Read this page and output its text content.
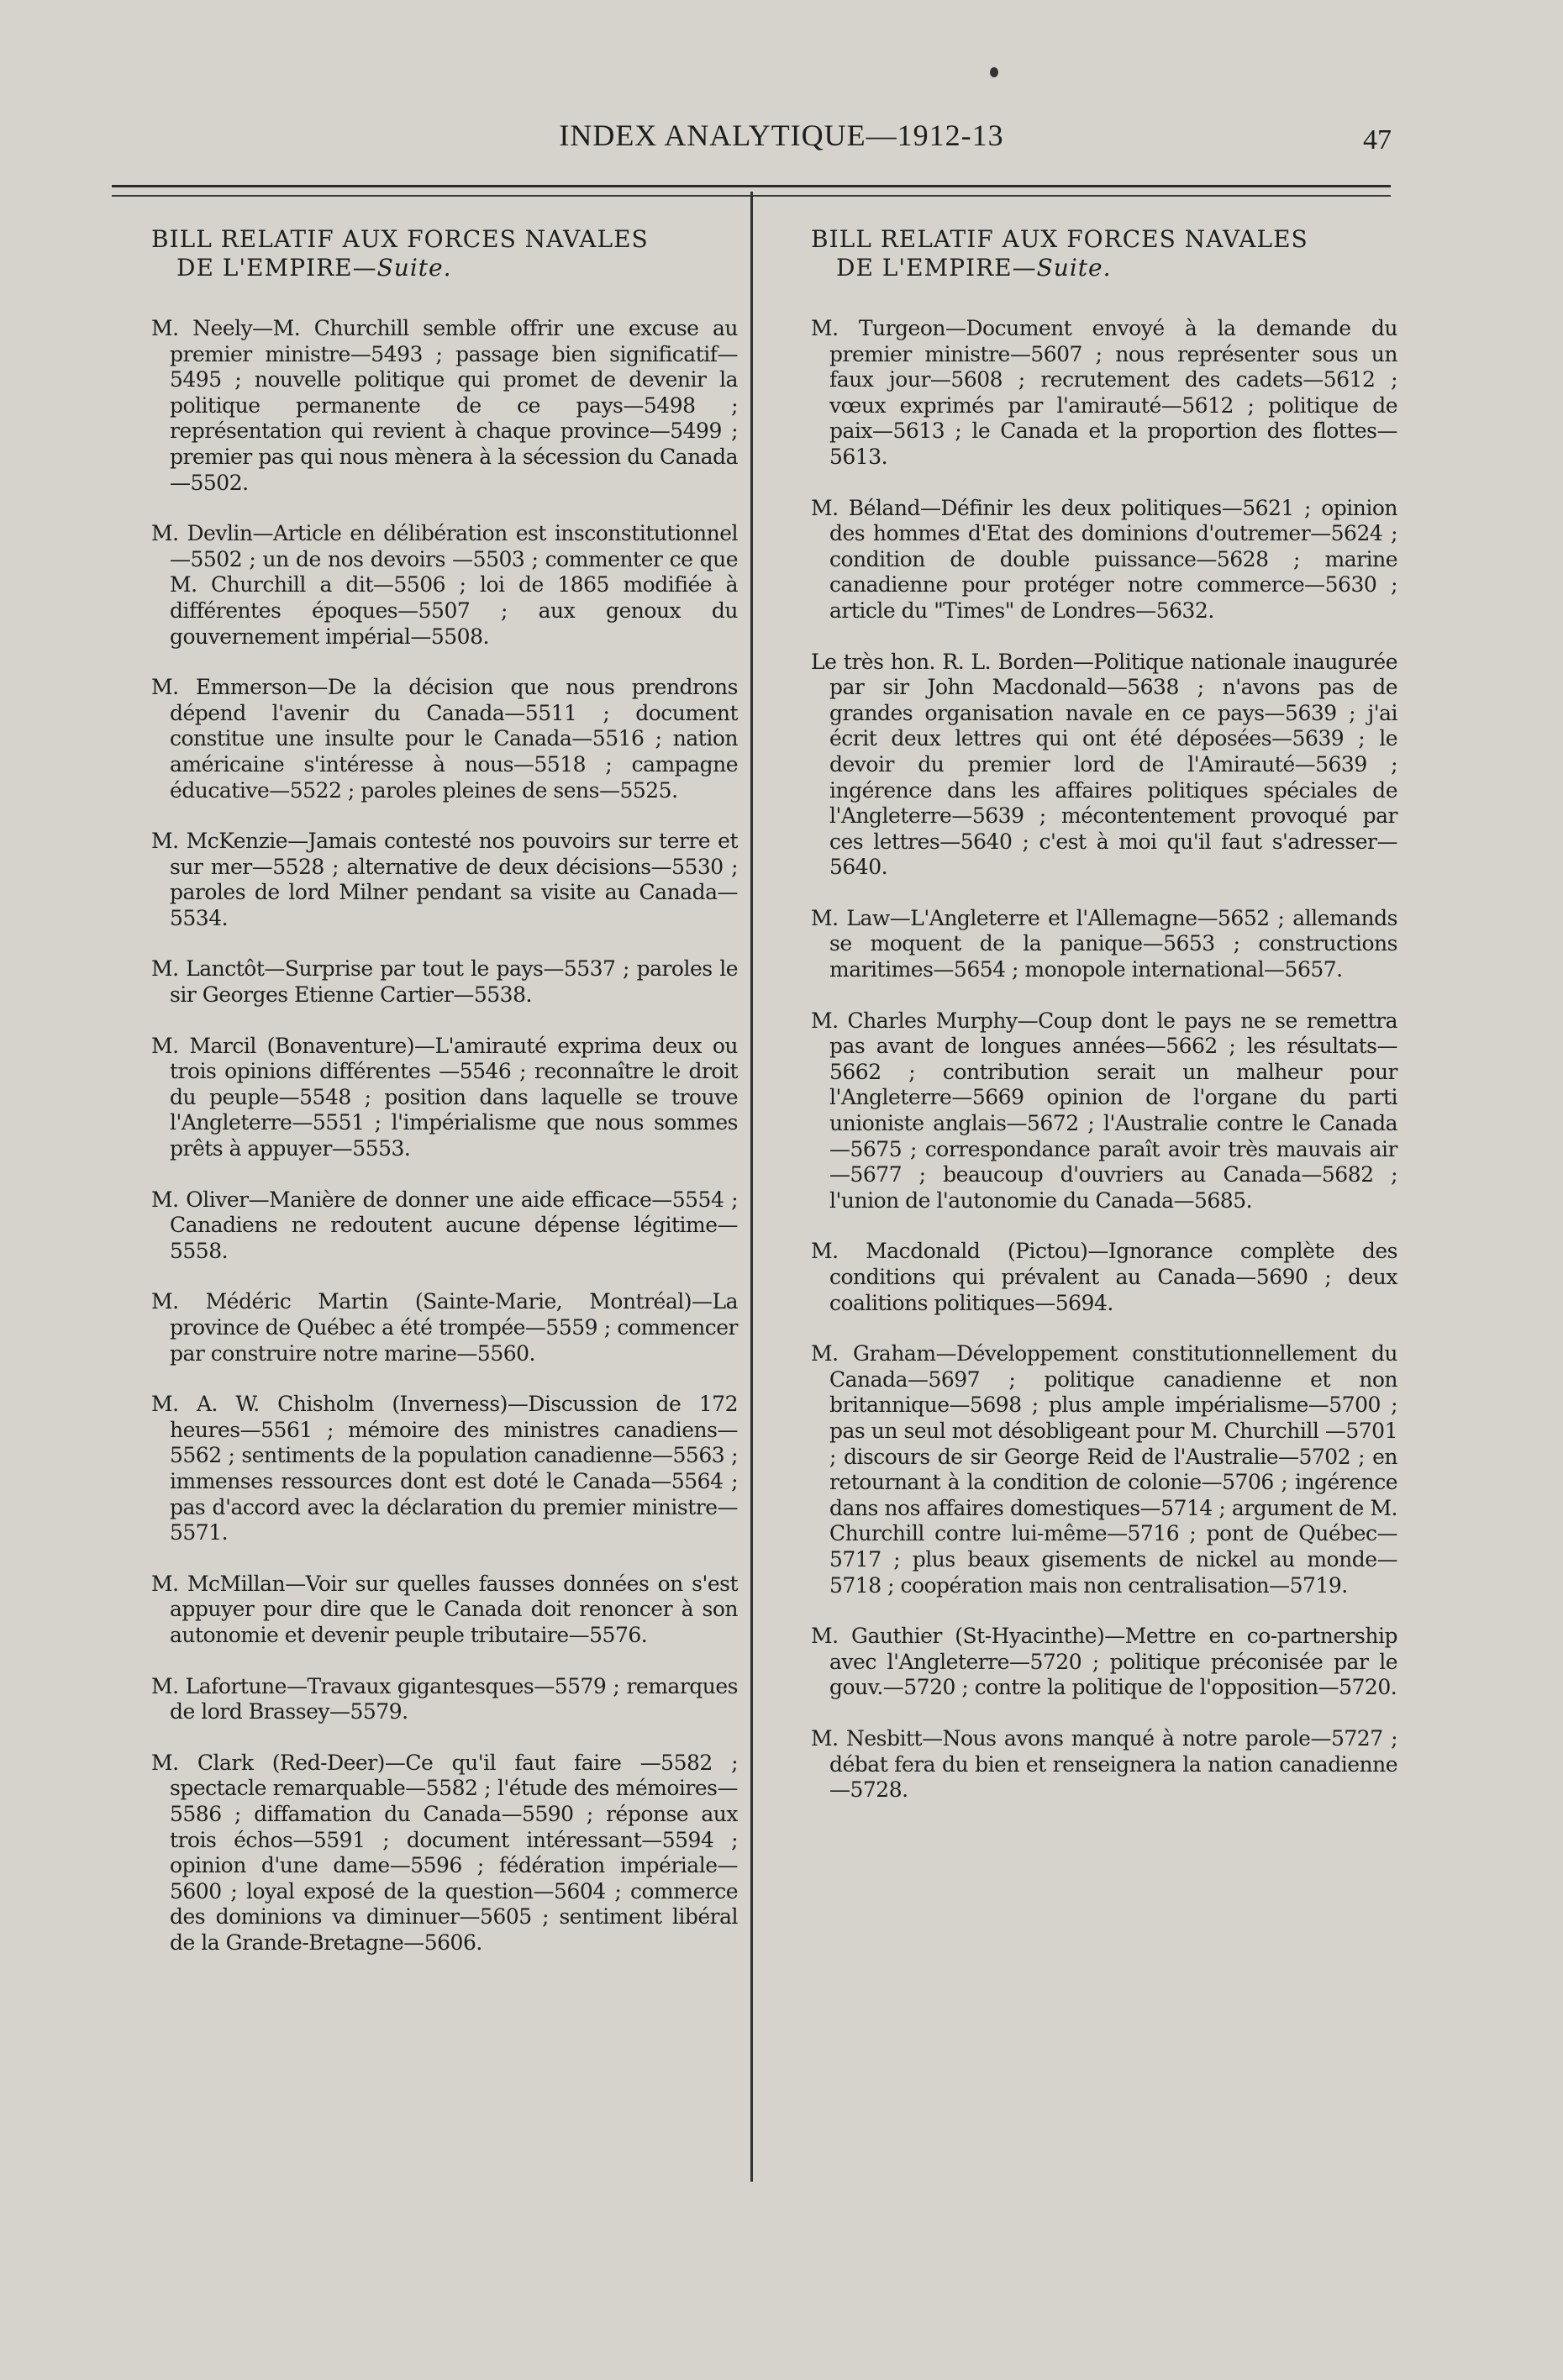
INDEX ANALYTIQUE—1912-13	47
BILL RELATIF AUX FORCES NAVALES
DE L'EMPIRE—Suite.

M. Neely—M. Churchill semble offrir une excuse au premier ministre—5493 ; passage bien significatif—5495 ; nouvelle politique qui promet de devenir la politique permanente de ce pays—5498 ; représentation qui revient à chaque province—5499 ; premier pas qui nous mènera à la sécession du Canada—5502.

M. Devlin—Article en délibération est insconstitutionnel—5502 ; un de nos devoirs —5503 ; commenter ce que M. Churchill a dit—5506 ; loi de 1865 modifiée à différentes époques—5507 ; aux genoux du gouvernement impérial—5508.

M. Emmerson—De la décision que nous prendrons dépend l'avenir du Canada—5511 ; document constitue une insulte pour le Canada—5516 ; nation américaine s'intéresse à nous—5518 ; campagne éducative—5522 ; paroles pleines de sens—5525.

M. McKenzie—Jamais contesté nos pouvoirs sur terre et sur mer—5528 ; alternative de deux décisions—5530 ; paroles de lord Milner pendant sa visite au Canada—5534.

M. Lanctôt—Surprise par tout le pays—5537 ; paroles le sir Georges Etienne Cartier—5538.

M. Marcil (Bonaventure)—L'amirauté exprima deux ou trois opinions différentes —5546 ; reconnaître le droit du peuple—5548 ; position dans laquelle se trouve l'Angleterre—5551 ; l'impérialisme que nous sommes prêts à appuyer—5553.

M. Oliver—Manière de donner une aide efficace—5554 ; Canadiens ne redoutent aucune dépense légitime—5558.

M. Médéric Martin (Sainte-Marie, Montréal)—La province de Québec a été trompée—5559 ; commencer par construire notre marine—5560.

M. A. W. Chisholm (Inverness)—Discussion de 172 heures—5561 ; mémoire des ministres canadiens—5562 ; sentiments de la population canadienne—5563 ; immenses ressources dont est doté le Canada—5564 ; pas d'accord avec la déclaration du premier ministre—5571.

M. McMillan—Voir sur quelles fausses données on s'est appuyer pour dire que le Canada doit renoncer à son autonomie et devenir peuple tributaire—5576.

M. Lafortune—Travaux gigantesques—5579 ; remarques de lord Brassey—5579.

M. Clark (Red-Deer)—Ce qu'il faut faire —5582 ; spectacle remarquable—5582 ; l'étude des mémoires—5586 ; diffamation du Canada—5590 ; réponse aux trois échos—5591 ; document intéressant—5594 ; opinion d'une dame—5596 ; fédération impériale—5600 ; loyal exposé de la question—5604 ; commerce des dominions va diminuer—5605 ; sentiment libéral de la Grande-Bretagne—5606.

BILL RELATIF AUX FORCES NAVALES
DE L'EMPIRE—Suite.

M. Turgeon—Document envoyé à la demande du premier ministre—5607 ; nous représenter sous un faux jour—5608 ; recrutement des cadets—5612 ; vœux exprimés par l'amirauté—5612 ; politique de paix—5613 ; le Canada et la proportion des flottes—5613.

M. Béland—Définir les deux politiques—5621 ; opinion des hommes d'Etat des dominions d'outremer—5624 ; condition de double puissance—5628 ; marine canadienne pour protéger notre commerce—5630 ; article du "Times" de Londres—5632.

Le très hon. R. L. Borden—Politique nationale inaugurée par sir John Macdonald—5638 ; n'avons pas de grandes organisation navale en ce pays—5639 ; j'ai écrit deux lettres qui ont été déposées—5639 ; le devoir du premier lord de l'Amirauté—5639 ; ingérence dans les affaires politiques spéciales de l'Angleterre—5639 ; mécontentement provoqué par ces lettres—5640 ; c'est à moi qu'il faut s'adresser—5640.

M. Law—L'Angleterre et l'Allemagne—5652 ; allemands se moquent de la panique—5653 ; constructions maritimes—5654 ; monopole international—5657.

M. Charles Murphy—Coup dont le pays ne se remettra pas avant de longues années—5662 ; les résultats—5662 ; contribution serait un malheur pour l'Angleterre—5669 opinion de l'organe du parti unioniste anglais—5672 ; l'Australie contre le Canada—5675 ; correspondance paraît avoir très mauvais air—5677 ; beaucoup d'ouvriers au Canada—5682 ; l'union de l'autonomie du Canada—5685.

M. Macdonald (Pictou)—Ignorance complète des conditions qui prévalent au Canada—5690 ; deux coalitions politiques—5694.

M. Graham—Développement constitutionnellement du Canada—5697 ; politique canadienne et non britannique—5698 ; plus ample impérialisme—5700 ; pas un seul mot désobligeant pour M. Churchill —5701 ; discours de sir George Reid de l'Australie—5702 ; en retournant à la condition de colonie—5706 ; ingérence dans nos affaires domestiques—5714 ; argument de M. Churchill contre lui-même—5716 ; pont de Québec—5717 ; plus beaux gisements de nickel au monde—5718 ; coopération mais non centralisation—5719.

M. Gauthier (St-Hyacinthe)—Mettre en co-partnership avec l'Angleterre—5720 ; politique préconisée par le gouv.—5720 ; contre la politique de l'opposition—5720.

M. Nesbitt—Nous avons manqué à notre parole—5727 ; débat fera du bien et renseignera la nation canadienne—5728.
